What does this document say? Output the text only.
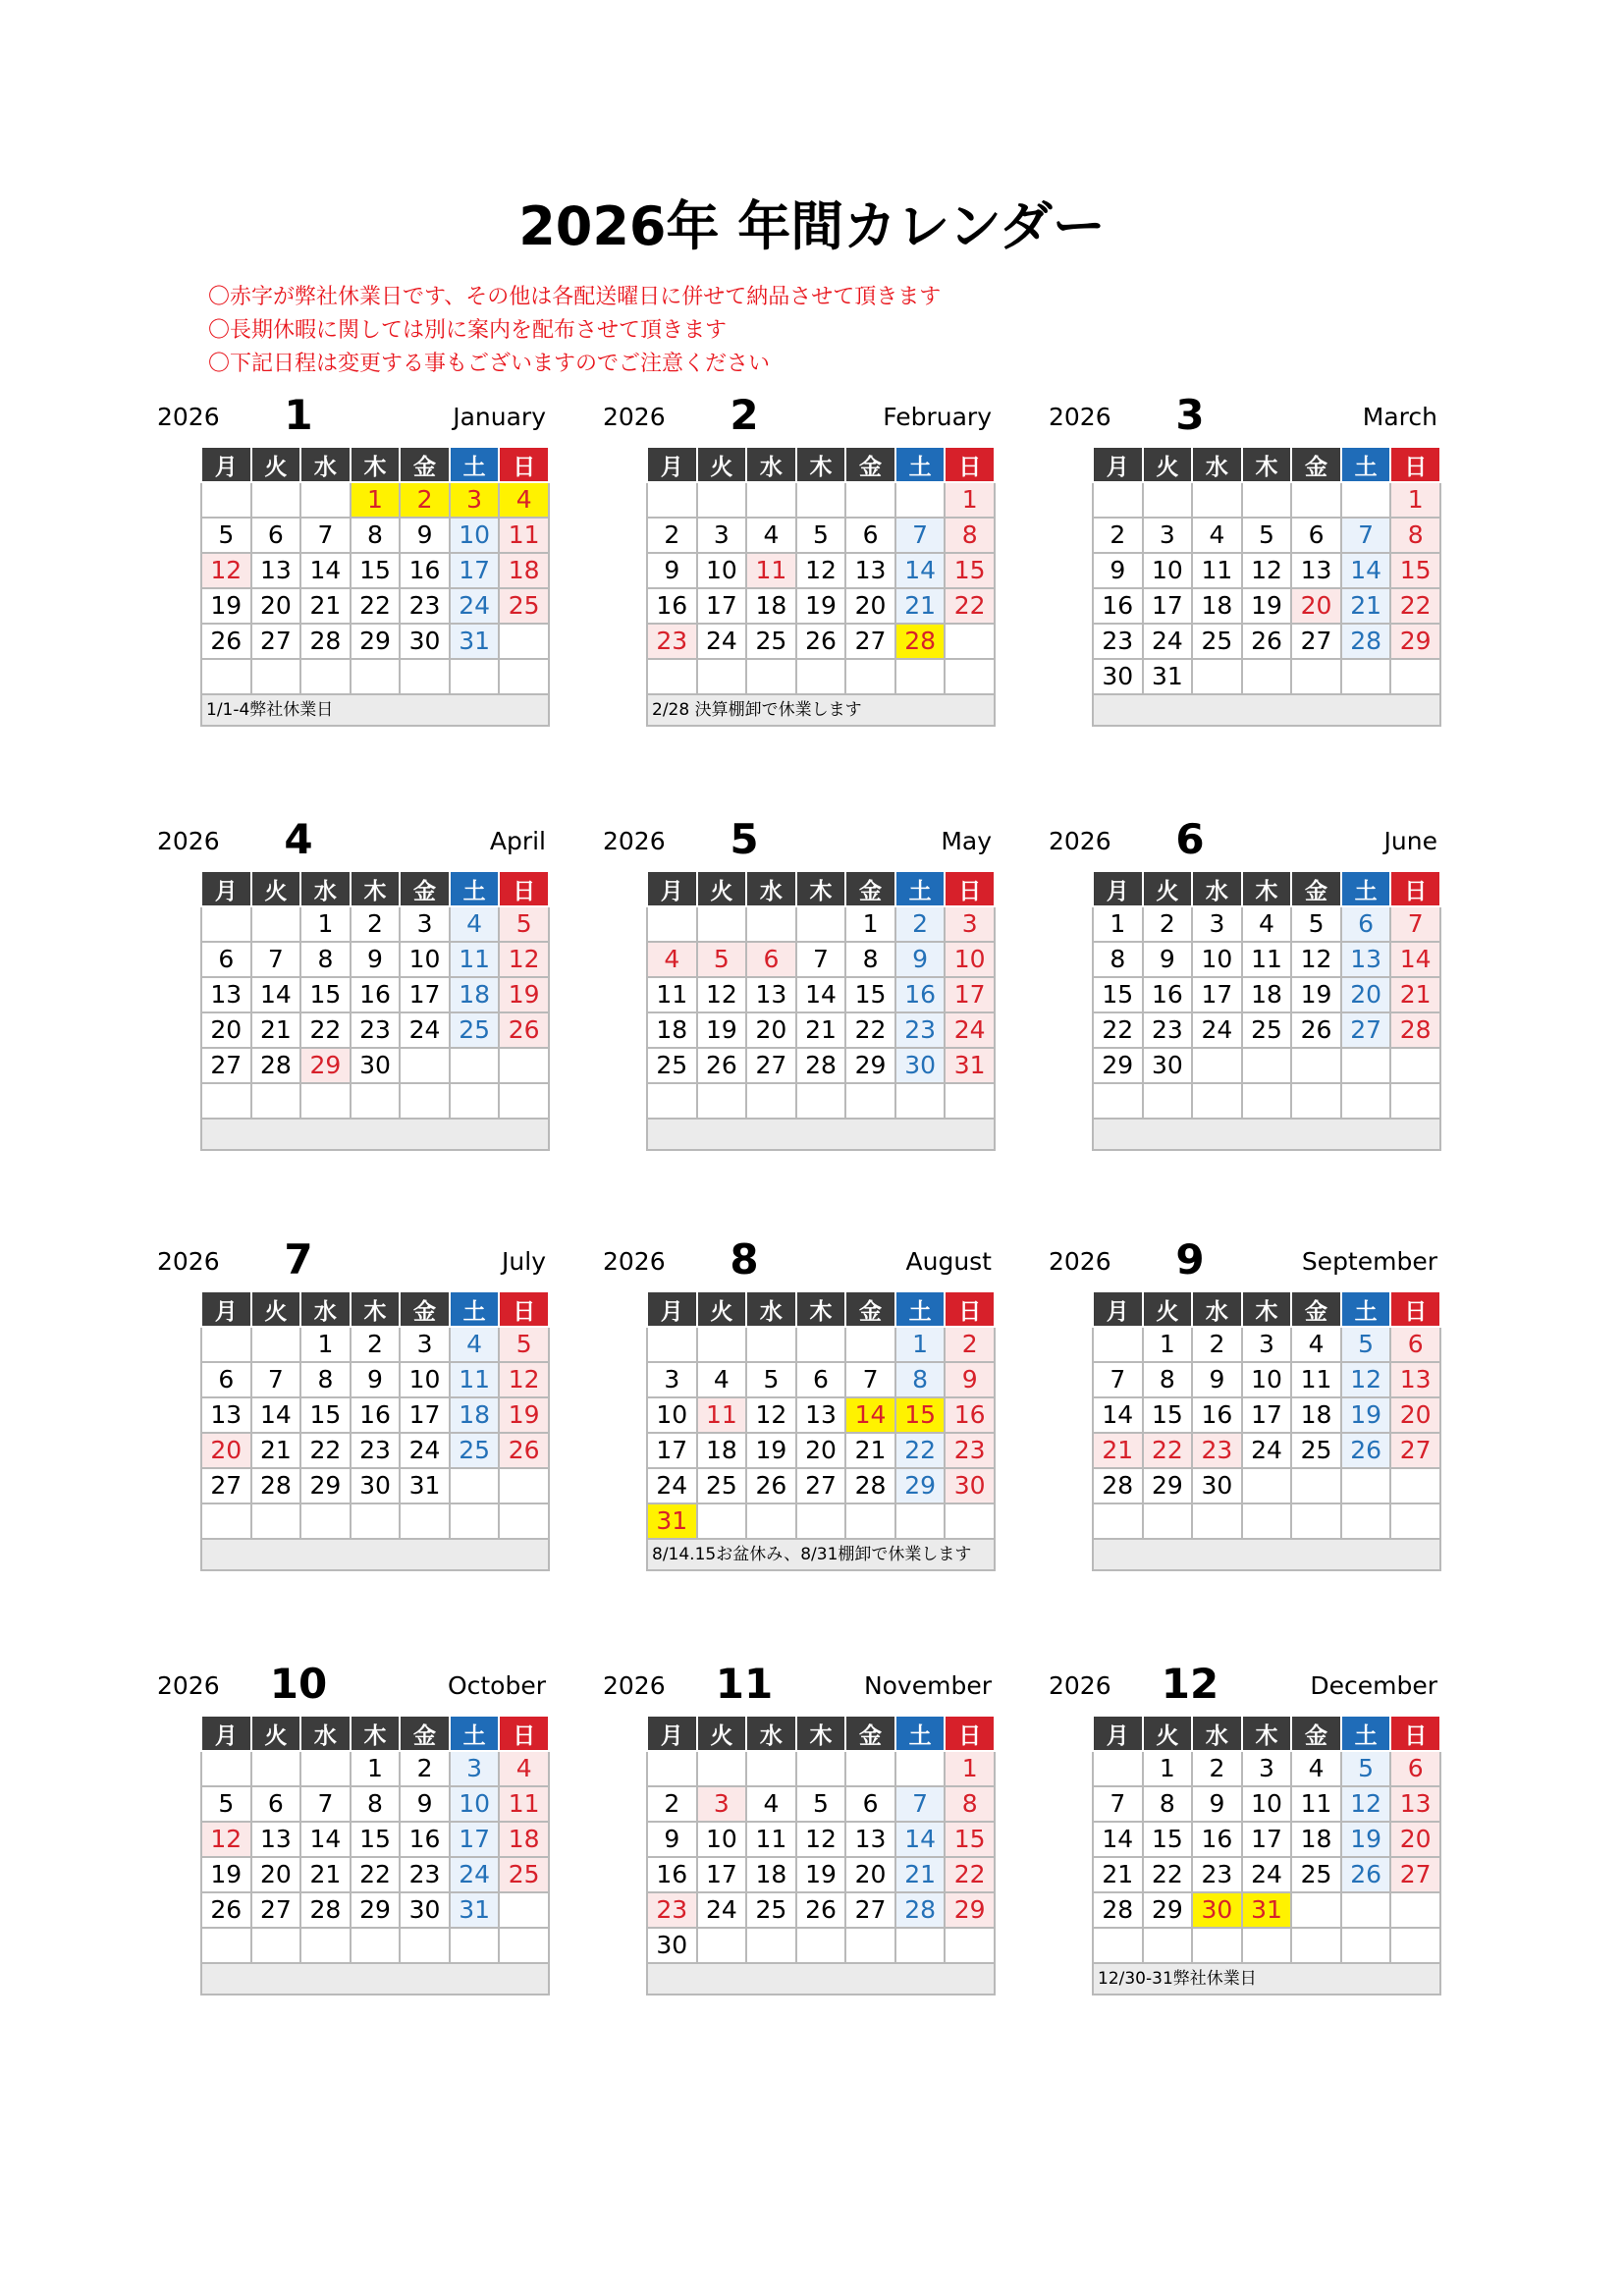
2026年 年間カレンダー
〇赤字が弊社休業日です、その他は各配送曜日に併せて納品させて頂きます
〇長期休暇に関しては別に案内を配布させて頂きます
〇下記日程は変更する事もございますのでご注意ください
2026	1	January
月	火	水	木	金	土	日
			1	2	3	4
5	6	7	8	9	10	11
12	13	14	15	16	17	18
19	20	21	22	23	24	25
26	27	28	29	30	31	

1/1-4弊社休業日						
2026	2	February
月	火	水	木	金	土	日
						1
2	3	4	5	6	7	8
9	10	11	12	13	14	15
16	17	18	19	20	21	22
23	24	25	26	27	28	

2/28 決算棚卸で休業します						
2026	3	March
月	火	水	木	金	土	日
						1
2	3	4	5	6	7	8
9	10	11	12	13	14	15
16	17	18	19	20	21	22
23	24	25	26	27	28	29
30	31					

2026	4	April
月	火	水	木	金	土	日
		1	2	3	4	5
6	7	8	9	10	11	12
13	14	15	16	17	18	19
20	21	22	23	24	25	26
27	28	29	30			

2026	5	May
月	火	水	木	金	土	日
				1	2	3
4	5	6	7	8	9	10
11	12	13	14	15	16	17
18	19	20	21	22	23	24
25	26	27	28	29	30	31

2026	6	June
月	火	水	木	金	土	日
1	2	3	4	5	6	7
8	9	10	11	12	13	14
15	16	17	18	19	20	21
22	23	24	25	26	27	28
29	30					

2026	7	July
月	火	水	木	金	土	日
		1	2	3	4	5
6	7	8	9	10	11	12
13	14	15	16	17	18	19
20	21	22	23	24	25	26
27	28	29	30	31		

2026	8	August
月	火	水	木	金	土	日
					1	2
3	4	5	6	7	8	9
10	11	12	13	14	15	16
17	18	19	20	21	22	23
24	25	26	27	28	29	30
31						
8/14.15お盆休み、8/31棚卸で休業します						
2026	9	September
月	火	水	木	金	土	日
	1	2	3	4	5	6
7	8	9	10	11	12	13
14	15	16	17	18	19	20
21	22	23	24	25	26	27
28	29	30				

2026	10	October
月	火	水	木	金	土	日
			1	2	3	4
5	6	7	8	9	10	11
12	13	14	15	16	17	18
19	20	21	22	23	24	25
26	27	28	29	30	31	

2026	11	November
月	火	水	木	金	土	日
						1
2	3	4	5	6	7	8
9	10	11	12	13	14	15
16	17	18	19	20	21	22
23	24	25	26	27	28	29
30						

2026	12	December
月	火	水	木	金	土	日
	1	2	3	4	5	6
7	8	9	10	11	12	13
14	15	16	17	18	19	20
21	22	23	24	25	26	27
28	29	30	31			

12/30-31弊社休業日						
